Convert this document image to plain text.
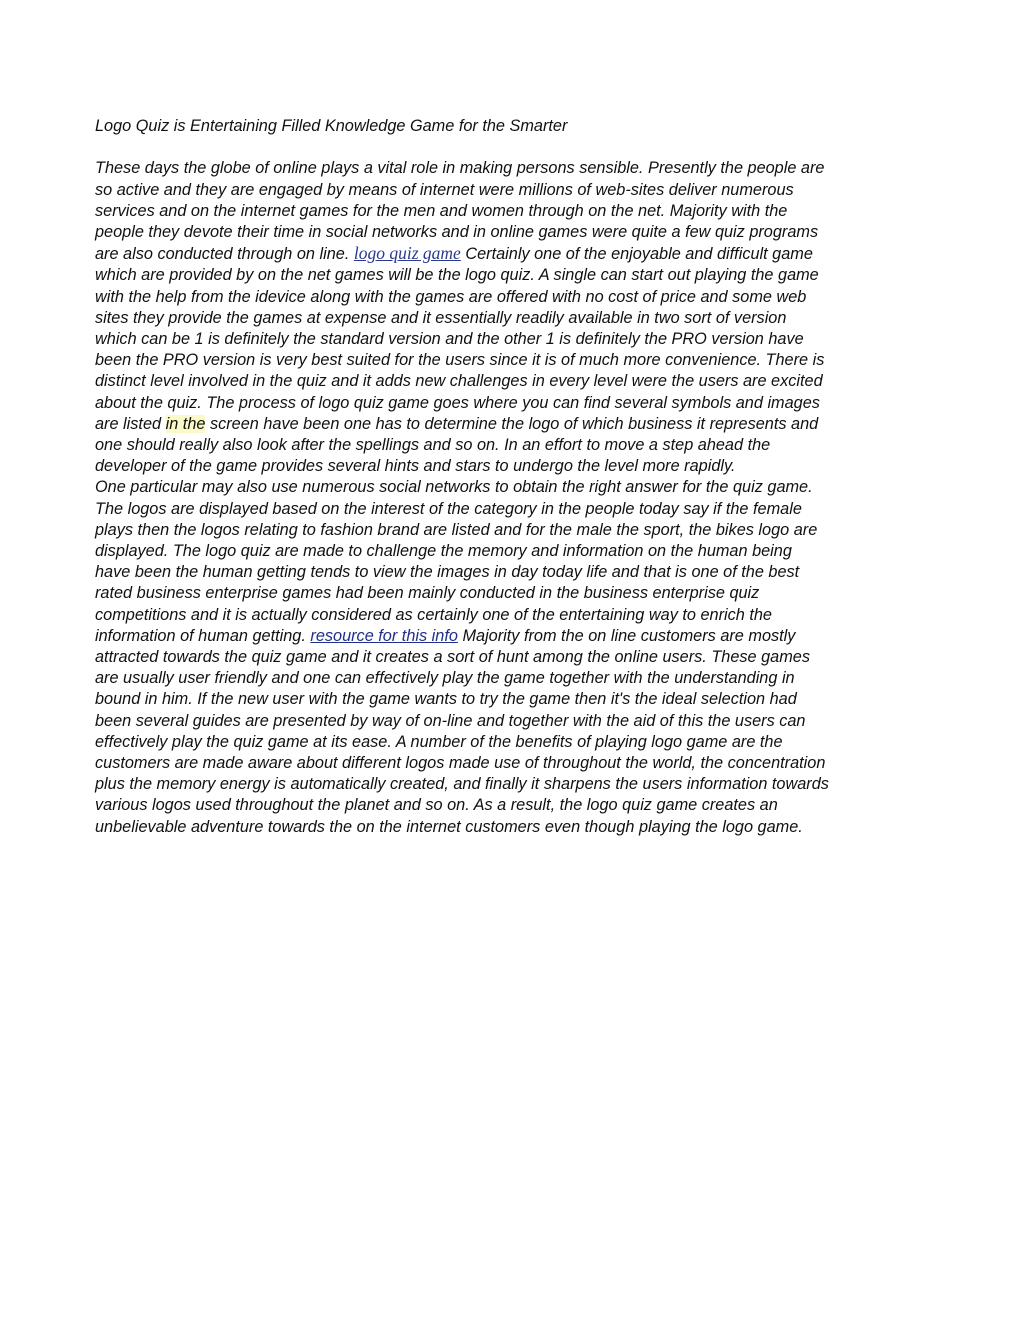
Logo Quiz is Entertaining Filled Knowledge Game for the Smarter
These days the globe of online plays a vital role in making persons sensible. Presently the people are
so active and they are engaged by means of internet were millions of web-sites deliver numerous
services and on the internet games for the men and women through on the net. Majority with the
people they devote their time in social networks and in online games were quite a few quiz programs
are also conducted through on line. logo quiz game Certainly one of the enjoyable and difficult game
which are provided by on the net games will be the logo quiz. A single can start out playing the game
with the help from the idevice along with the games are offered with no cost of price and some web
sites they provide the games at expense and it essentially readily available in two sort of version
which can be 1 is definitely the standard version and the other 1 is definitely the PRO version have
been the PRO version is very best suited for the users since it is of much more convenience. There is
distinct level involved in the quiz and it adds new challenges in every level were the users are excited
about the quiz. The process of logo quiz game goes where you can find several symbols and images
are listed in the screen have been one has to determine the logo of which business it represents and
one should really also look after the spellings and so on. In an effort to move a step ahead the
developer of the game provides several hints and stars to undergo the level more rapidly.
One particular may also use numerous social networks to obtain the right answer for the quiz game.
The logos are displayed based on the interest of the category in the people today say if the female
plays then the logos relating to fashion brand are listed and for the male the sport, the bikes logo are
displayed. The logo quiz are made to challenge the memory and information on the human being
have been the human getting tends to view the images in day today life and that is one of the best
rated business enterprise games had been mainly conducted in the business enterprise quiz
competitions and it is actually considered as certainly one of the entertaining way to enrich the
information of human getting. resource for this info Majority from the on line customers are mostly
attracted towards the quiz game and it creates a sort of hunt among the online users. These games
are usually user friendly and one can effectively play the game together with the understanding in
bound in him. If the new user with the game wants to try the game then it's the ideal selection had
been several guides are presented by way of on-line and together with the aid of this the users can
effectively play the quiz game at its ease. A number of the benefits of playing logo game are the
customers are made aware about different logos made use of throughout the world, the concentration
plus the memory energy is automatically created, and finally it sharpens the users information towards
various logos used throughout the planet and so on. As a result, the logo quiz game creates an
unbelievable adventure towards the on the internet customers even though playing the logo game.
